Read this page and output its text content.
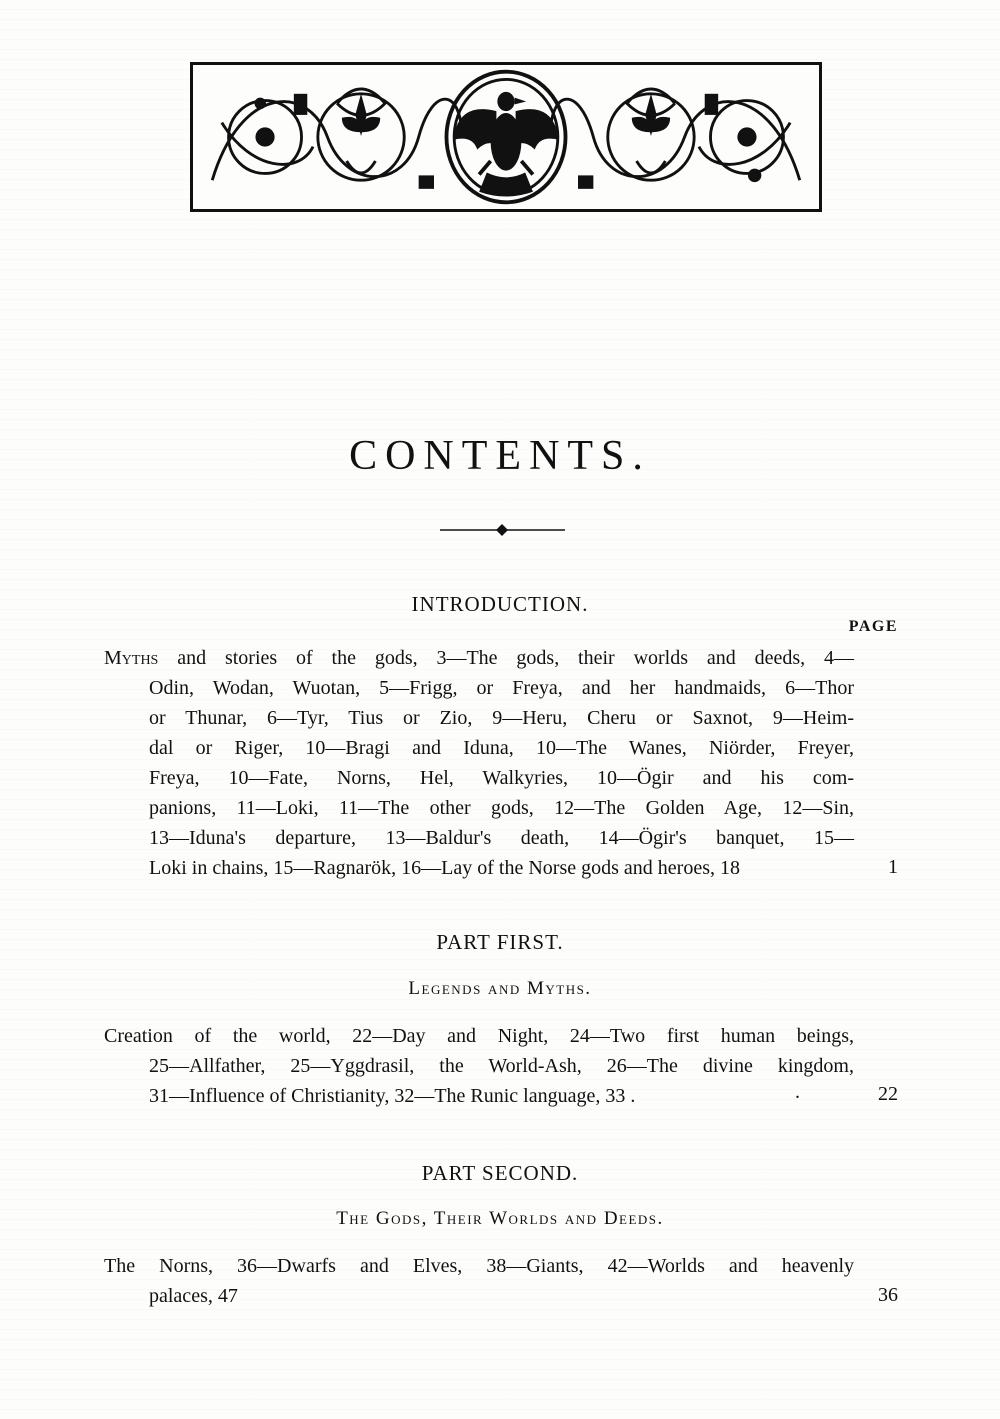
CONTENTS.
INTRODUCTION.
PAGE
Myths and stories of the gods, 3—The gods, their worlds and deeds, 4—
Odin, Wodan, Wuotan, 5—Frigg, or Freya, and her handmaids, 6—Thor
or Thunar, 6—Tyr, Tius or Zio, 9—Heru, Cheru or Saxnot, 9—Heim-
dal or Riger, 10—Bragi and Iduna, 10—The Wanes, Niörder, Freyer,
Freya, 10—Fate, Norns, Hel, Walkyries, 10—Ögir and his com-
panions, 11—Loki, 11—The other gods, 12—The Golden Age, 12—Sin,
13—Iduna's departure, 13—Baldur's death, 14—Ögir's banquet, 15—
Loki in chains, 15—Ragnarök, 16—Lay of the Norse gods and heroes, 18	1
PART FIRST.
Legends and Myths.
Creation of the world, 22—Day and Night, 24—Two first human beings,
25—Allfather, 25—Yggdrasil, the World-Ash, 26—The divine kingdom,
31—Influence of Christianity, 32—The Runic language, 33 .	.	22
PART SECOND.
The Gods, Their Worlds and Deeds.
The Norns, 36—Dwarfs and Elves, 38—Giants, 42—Worlds and heavenly
palaces, 47	36
